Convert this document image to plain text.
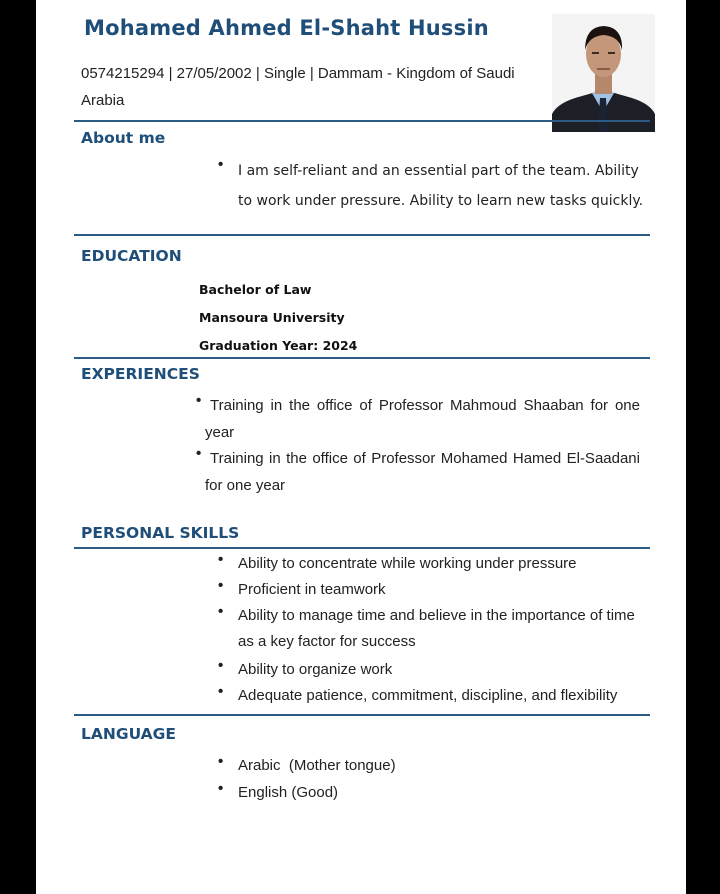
Mohamed Ahmed El-Shaht Hussin
0574215294 | 27/05/2002 | Single | Dammam - Kingdom of Saudi Arabia
About me
• I am self-reliant and an essential part of the team. Ability to work under pressure. Ability to learn new tasks quickly.
EDUCATION
Bachelor of Law
Mansoura University
Graduation Year: 2024
EXPERIENCES
• Training in the office of Professor Mahmoud Shaaban for one year
• Training in the office of Professor Mohamed Hamed El-Saadani for one year
PERSONAL SKILLS
• Ability to concentrate while working under pressure
• Proficient in teamwork
• Ability to manage time and believe in the importance of time as a key factor for success
• Ability to organize work
• Adequate patience, commitment, discipline, and flexibility
LANGUAGE
• Arabic  (Mother tongue)
• English (Good)
